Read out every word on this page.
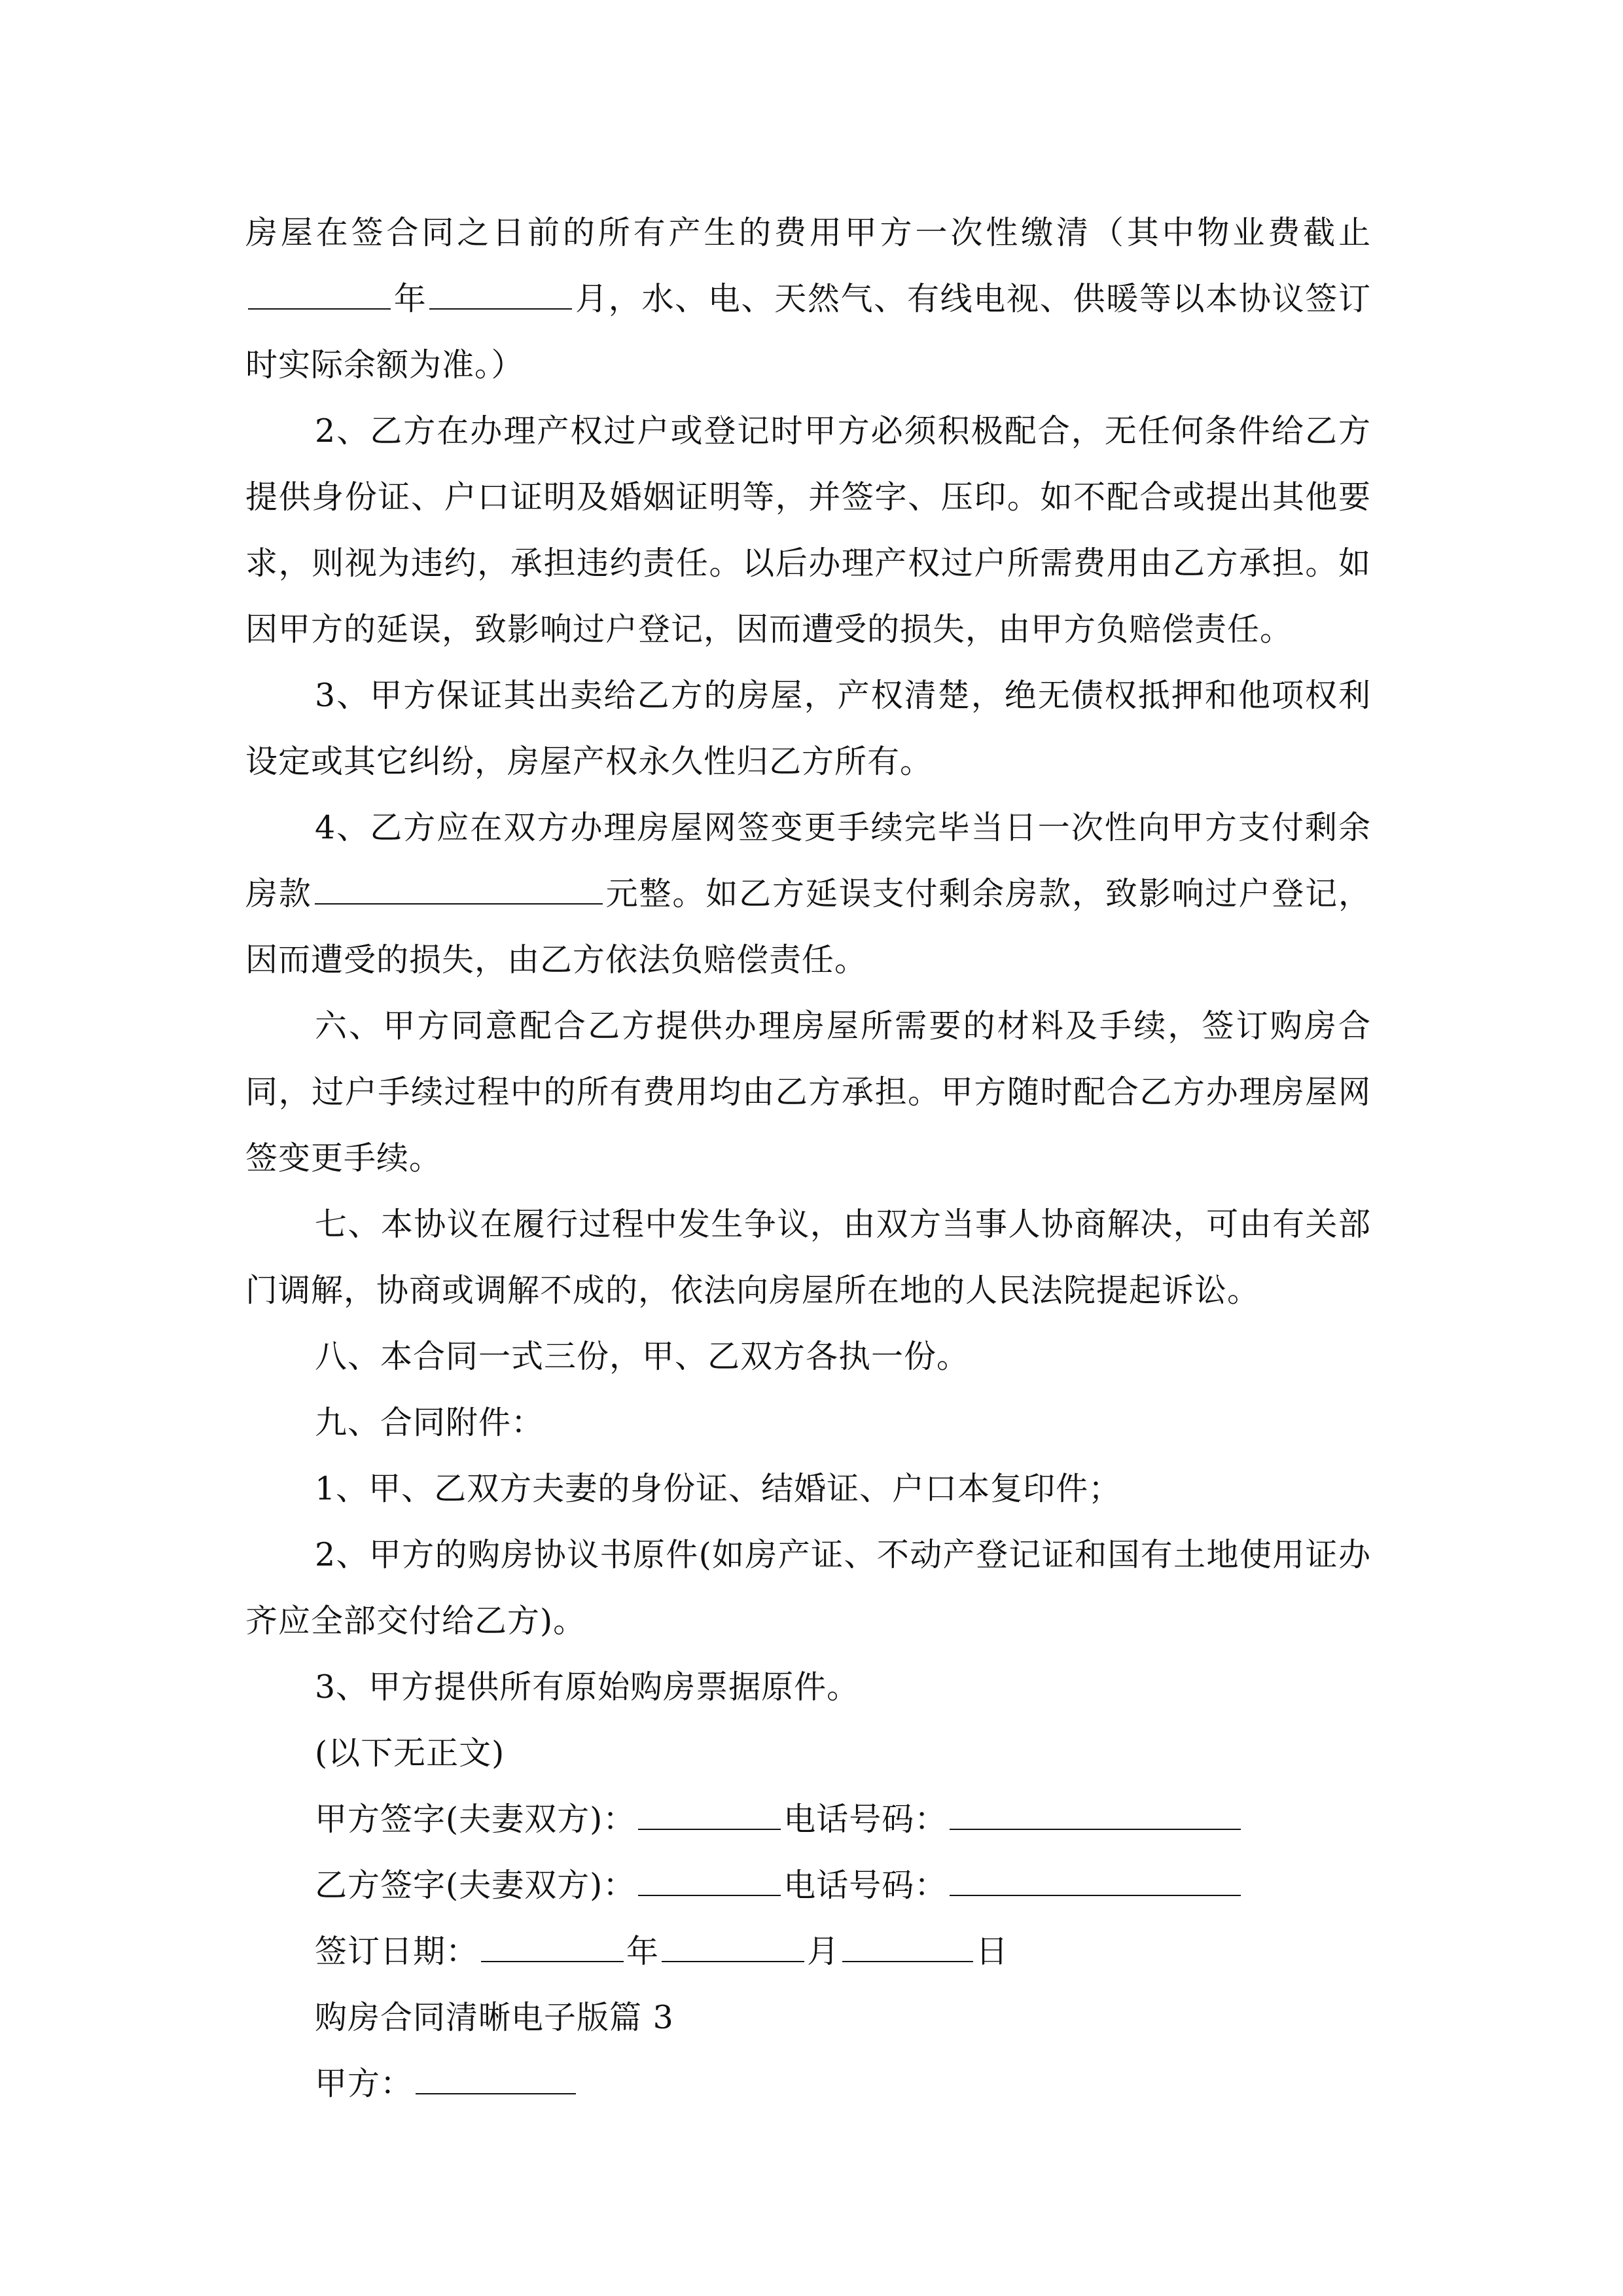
房屋在签合同之日前的所有产生的费用甲方一次性缴清（其中物业费截止年	月，水、电、天然气、有线电视、供暖等以本协议签订时实际余额为准。）

2、乙方在办理产权过户或登记时甲方必须积极配合，无任何条件给乙方提供身份证、户口证明及婚姻证明等，并签字、压印。如不配合或提出其他要求，则视为违约，承担违约责任。以后办理产权过户所需费用由乙方承担。如因甲方的延误，致影响过户登记，因而遭受的损失，由甲方负赔偿责任。

3、甲方保证其出卖给乙方的房屋，产权清楚，绝无债权抵押和他项权利设定或其它纠纷，房屋产权永久性归乙方所有。

4、乙方应在双方办理房屋网签变更手续完毕当日一次性向甲方支付剩余房款	元整。如乙方延误支付剩余房款，致影响过户登记，因而遭受的损失，由乙方依法负赔偿责任。

六、甲方同意配合乙方提供办理房屋所需要的材料及手续，签订购房合同，过户手续过程中的所有费用均由乙方承担。甲方随时配合乙方办理房屋网签变更手续。

七、本协议在履行过程中发生争议，由双方当事人协商解决，可由有关部门调解，协商或调解不成的，依法向房屋所在地的人民法院提起诉讼。

八、本合同一式三份，甲、乙双方各执一份。

九、合同附件：

1、甲、乙双方夫妻的身份证、结婚证、户口本复印件；

2、甲方的购房协议书原件(如房产证、不动产登记证和国有土地使用证办齐应全部交付给乙方)。

3、甲方提供所有原始购房票据原件。

(以下无正文)

甲方签字(夫妻双方)：	电话号码：

乙方签字(夫妻双方)：	电话号码：

签订日期：	年	月	日

购房合同清晰电子版篇 3

甲方：
